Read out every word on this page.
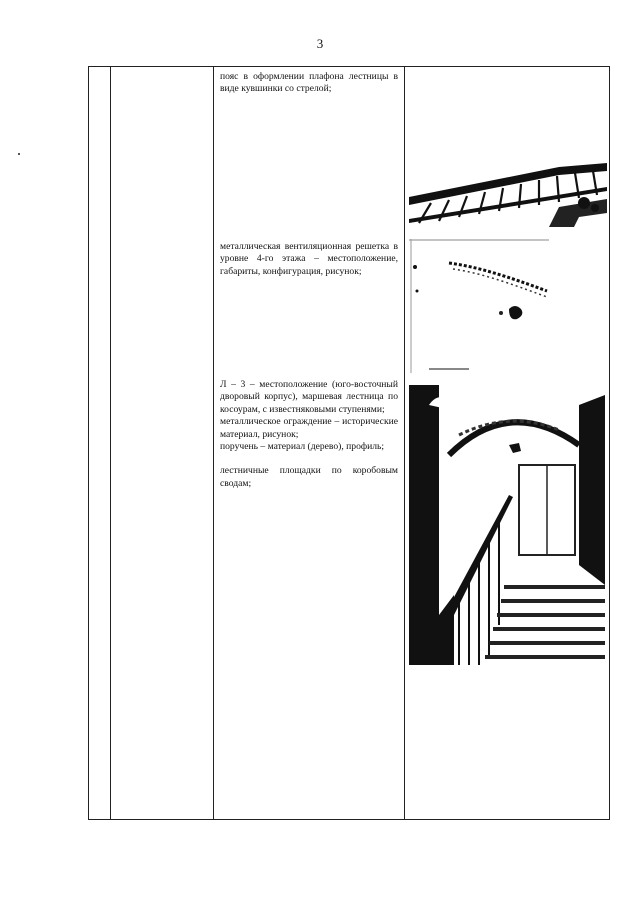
3

пояс в оформлении плафона лестницы в виде кувшинки со стрелой;

металлическая вентиляционная решетка в уровне 4-го этажа – местоположение, габариты, конфигурация, рисунок;

Л – 3 – местоположение (юго-восточный дворовый корпус), маршевая лестница по косоурам, с известняковыми ступенями;

металлическое ограждение – исторические материал, рисунок;

поручень – материал (дерево), профиль;

лестничные площадки по коробовым сводам;
